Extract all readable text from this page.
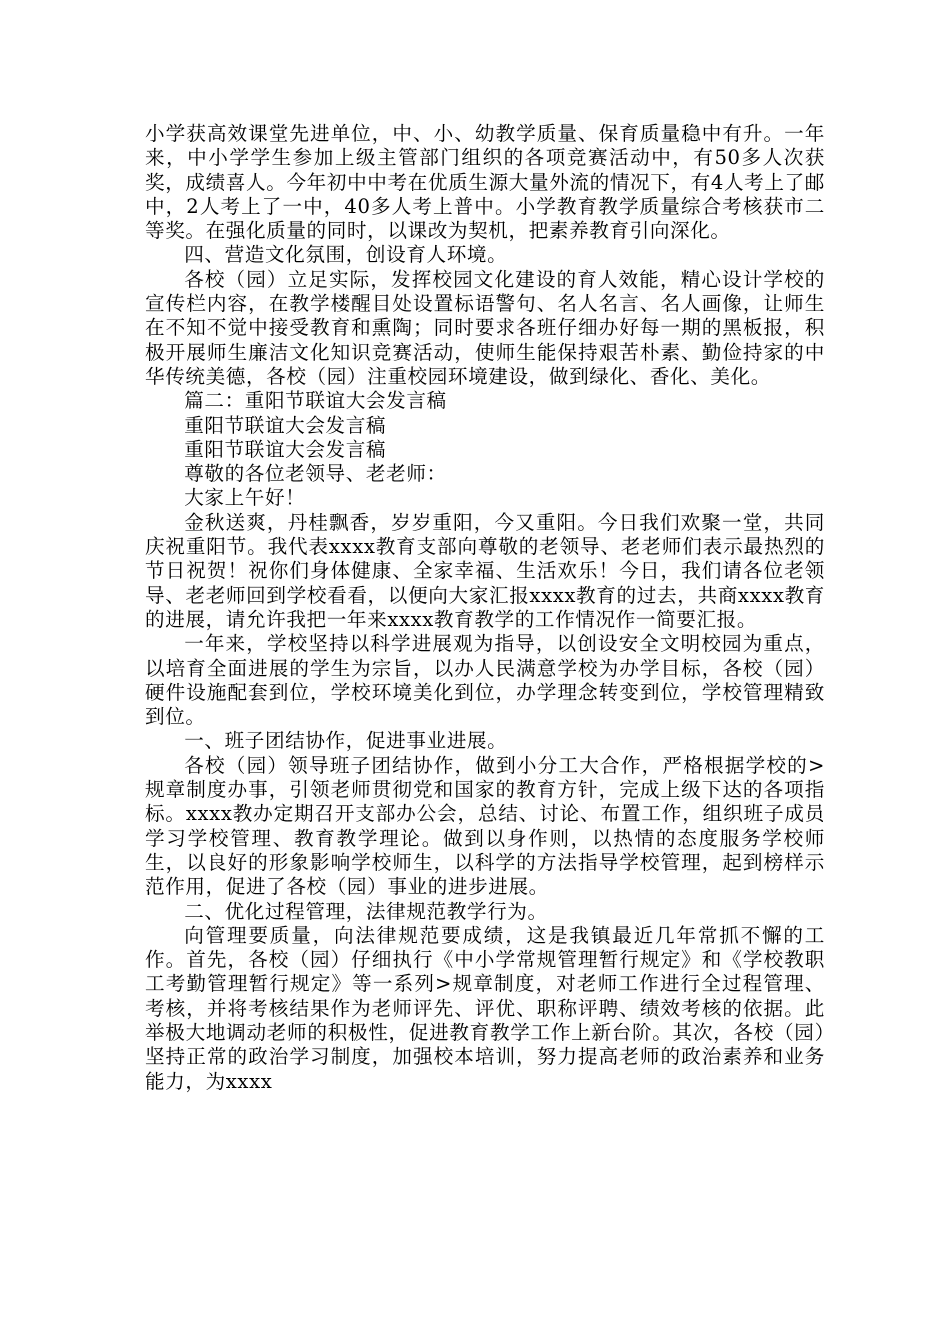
小学获高效课堂先进单位，中、小、幼教学质量、保育质量稳中有升。一年来，中小学学生参加上级主管部门组织的各项竞赛活动中，有50多人次获奖，成绩喜人。今年初中中考在优质生源大量外流的情况下，有4人考上了邮中，2人考上了一中，40多人考上普中。小学教育教学质量综合考核获市二等奖。在强化质量的同时，以课改为契机，把素养教育引向深化。

四、营造文化氛围，创设育人环境。

各校（园）立足实际，发挥校园文化建设的育人效能，精心设计学校的宣传栏内容，在教学楼醒目处设置标语警句、名人名言、名人画像，让师生在不知不觉中接受教育和熏陶；同时要求各班仔细办好每一期的黑板报，积极开展师生廉洁文化知识竞赛活动，使师生能保持艰苦朴素、勤俭持家的中华传统美德，各校（园）注重校园环境建设，做到绿化、香化、美化。

篇二：重阳节联谊大会发言稿

重阳节联谊大会发言稿

重阳节联谊大会发言稿

尊敬的各位老领导、老老师：

大家上午好！

金秋送爽，丹桂飘香，岁岁重阳，今又重阳。今日我们欢聚一堂，共同庆祝重阳节。我代表xxxx教育支部向尊敬的老领导、老老师们表示最热烈的节日祝贺！祝你们身体健康、全家幸福、生活欢乐！今日，我们请各位老领导、老老师回到学校看看，以便向大家汇报xxxx教育的过去，共商xxxx教育的进展，请允许我把一年来xxxx教育教学的工作情况作一简要汇报。

一年来，学校坚持以科学进展观为指导，以创设安全文明校园为重点，以培育全面进展的学生为宗旨，以办人民满意学校为办学目标，各校（园）硬件设施配套到位，学校环境美化到位，办学理念转变到位，学校管理精致到位。

一、班子团结协作，促进事业进展。

各校（园）领导班子团结协作，做到小分工大合作，严格根据学校的>规章制度办事，引领老师贯彻党和国家的教育方针，完成上级下达的各项指标。xxxx教办定期召开支部办公会，总结、讨论、布置工作，组织班子成员学习学校管理、教育教学理论。做到以身作则，以热情的态度服务学校师生，以良好的形象影响学校师生，以科学的方法指导学校管理，起到榜样示范作用，促进了各校（园）事业的进步进展。

二、优化过程管理，法律规范教学行为。

向管理要质量，向法律规范要成绩，这是我镇最近几年常抓不懈的工作。首先，各校（园）仔细执行《中小学常规管理暂行规定》和《学校教职工考勤管理暂行规定》等一系列>规章制度，对老师工作进行全过程管理、考核，并将考核结果作为老师评先、评优、职称评聘、绩效考核的依据。此举极大地调动老师的积极性，促进教育教学工作上新台阶。其次，各校（园）坚持正常的政治学习制度，加强校本培训，努力提高老师的政治素养和业务能力，为xxxx
